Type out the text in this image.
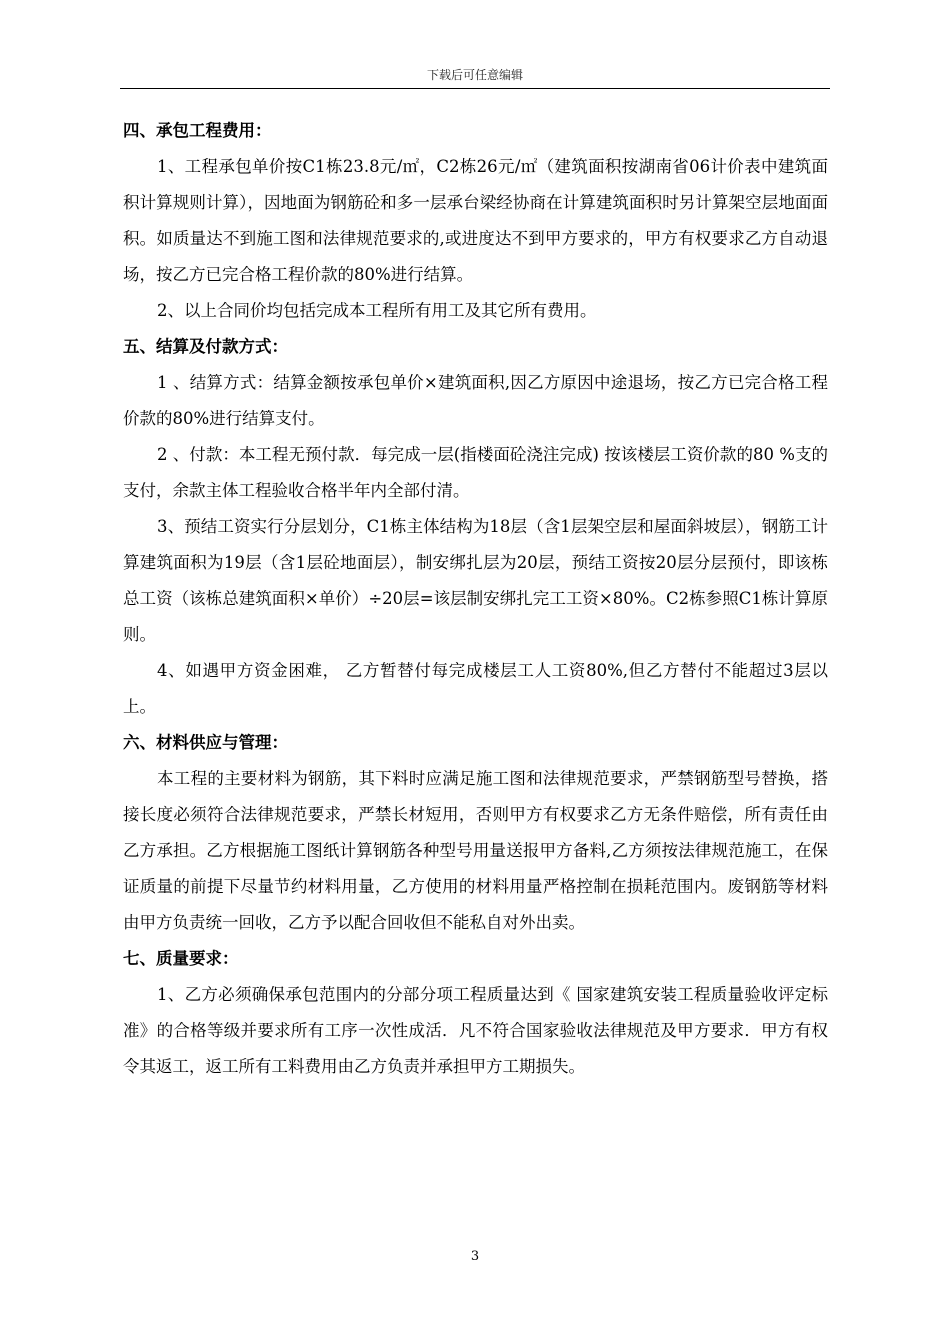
下载后可任意编辑

四、承包工程费用：

1、工程承包单价按C1栋23.8元/㎡，C2栋26元/㎡（建筑面积按湖南省06计价表中建筑面积计算规则计算），因地面为钢筋砼和多一层承台梁经协商在计算建筑面积时另计算架空层地面面积。如质量达不到施工图和法律规范要求的,或进度达不到甲方要求的，甲方有权要求乙方自动退场，按乙方已完合格工程价款的80%进行结算。

2、以上合同价均包括完成本工程所有用工及其它所有费用。

五、结算及付款方式：

1 、结算方式：结算金额按承包单价×建筑面积,因乙方原因中途退场，按乙方已完合格工程价款的80%进行结算支付。

2 、付款：本工程无预付款．每完成一层(指楼面砼浇注完成) 按该楼层工资价款的80 %支的支付，余款主体工程验收合格半年内全部付清。

3、预结工资实行分层划分，C1栋主体结构为18层（含1层架空层和屋面斜坡层），钢筋工计算建筑面积为19层（含1层砼地面层），制安绑扎层为20层，预结工资按20层分层预付，即该栋总工资（该栋总建筑面积×单价）÷20层=该层制安绑扎完工工资×80%。C2栋参照C1栋计算原则。

4、如遇甲方资金困难， 乙方暂替付每完成楼层工人工资80%,但乙方替付不能超过3层以上。

六、材料供应与管理：

本工程的主要材料为钢筋，其下料时应满足施工图和法律规范要求，严禁钢筋型号替换，搭接长度必须符合法律规范要求，严禁长材短用，否则甲方有权要求乙方无条件赔偿，所有责任由乙方承担。乙方根据施工图纸计算钢筋各种型号用量送报甲方备料,乙方须按法律规范施工，在保证质量的前提下尽量节约材料用量，乙方使用的材料用量严格控制在损耗范围内。废钢筋等材料由甲方负责统一回收，乙方予以配合回收但不能私自对外出卖。

七、质量要求：

1、乙方必须确保承包范围内的分部分项工程质量达到《 国家建筑安装工程质量验收评定标准》的合格等级并要求所有工序一次性成活．凡不符合国家验收法律规范及甲方要求．甲方有权令其返工，返工所有工料费用由乙方负责并承担甲方工期损失。

3
